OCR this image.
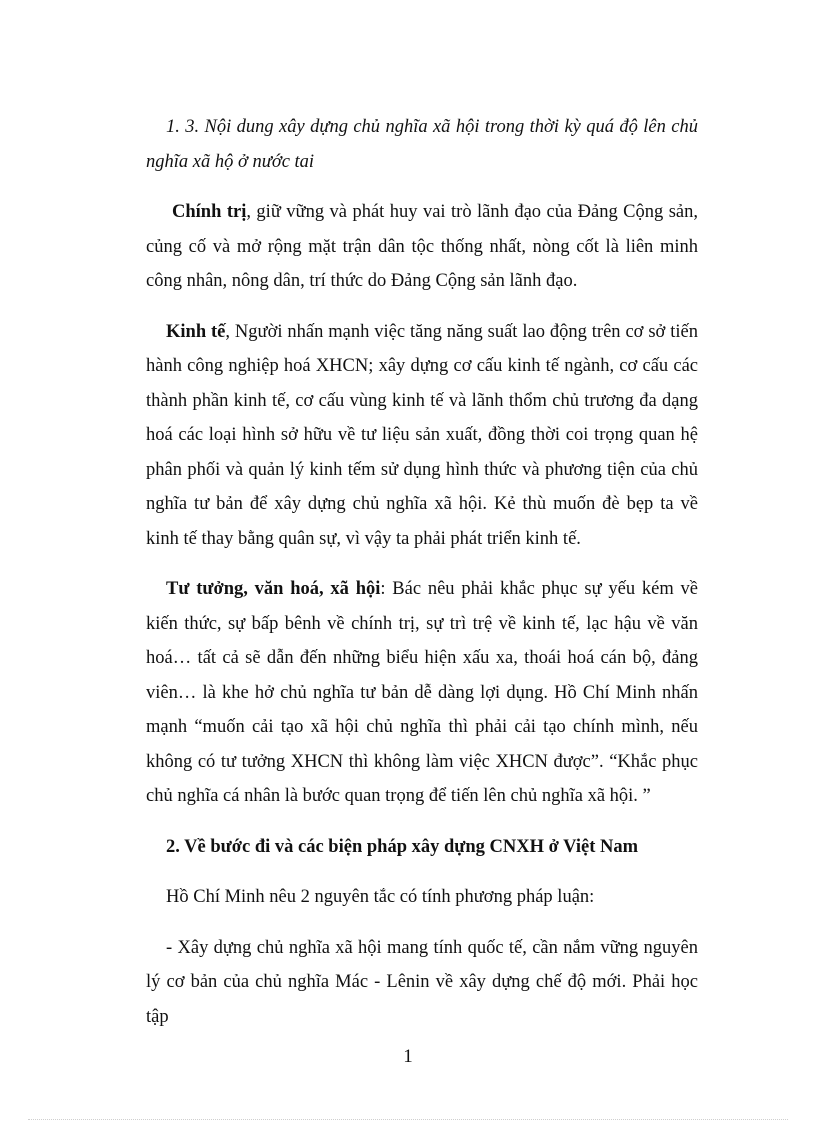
1. 3. Nội dung xây dựng chủ nghĩa xã hội trong thời kỳ quá độ lên chủ nghĩa xã hộ ở nước tai

Chính trị, giữ vững và phát huy vai trò lãnh đạo của Đảng Cộng sản, củng cố và mở rộng mặt trận dân tộc thống nhất, nòng cốt là liên minh công nhân, nông dân, trí thức do Đảng Cộng sản lãnh đạo.

Kinh tế, Người nhấn mạnh việc tăng năng suất lao động trên cơ sở tiến hành công nghiệp hoá XHCN; xây dựng cơ cấu kinh tế ngành, cơ cấu các thành phần kinh tế, cơ cấu vùng kinh tế và lãnh thổm chủ trương đa dạng hoá các loại hình sở hữu về tư liệu sản xuất, đồng thời coi trọng quan hệ phân phối và quản lý kinh tếm sử dụng hình thức và phương tiện của chủ nghĩa tư bản để xây dựng chủ nghĩa xã hội. Kẻ thù muốn đè bẹp ta về kinh tế thay bằng quân sự, vì vậy ta phải phát triển kinh tế.

Tư tưởng, văn hoá, xã hội: Bác nêu phải khắc phục sự yếu kém về kiến thức, sự bấp bênh về chính trị, sự trì trệ về kinh tế, lạc hậu về văn hoá… tất cả sẽ dẫn đến những biểu hiện xấu xa, thoái hoá cán bộ, đảng viên… là khe hở chủ nghĩa tư bản dễ dàng lợi dụng. Hồ Chí Minh nhấn mạnh “muốn cải tạo xã hội chủ nghĩa thì phải cải tạo chính mình, nếu không có tư tưởng XHCN thì không làm việc XHCN được”. “Khắc phục chủ nghĩa cá nhân là bước quan trọng để tiến lên chủ nghĩa xã hội. ”

2. Về bước đi và các biện pháp xây dựng CNXH ở Việt Nam

Hồ Chí Minh nêu 2 nguyên tắc có tính phương pháp luận:

- Xây dựng chủ nghĩa xã hội mang tính quốc tế, cần nắm vững nguyên lý cơ bản của chủ nghĩa Mác - Lênin về xây dựng chế độ mới. Phải học tập

1
